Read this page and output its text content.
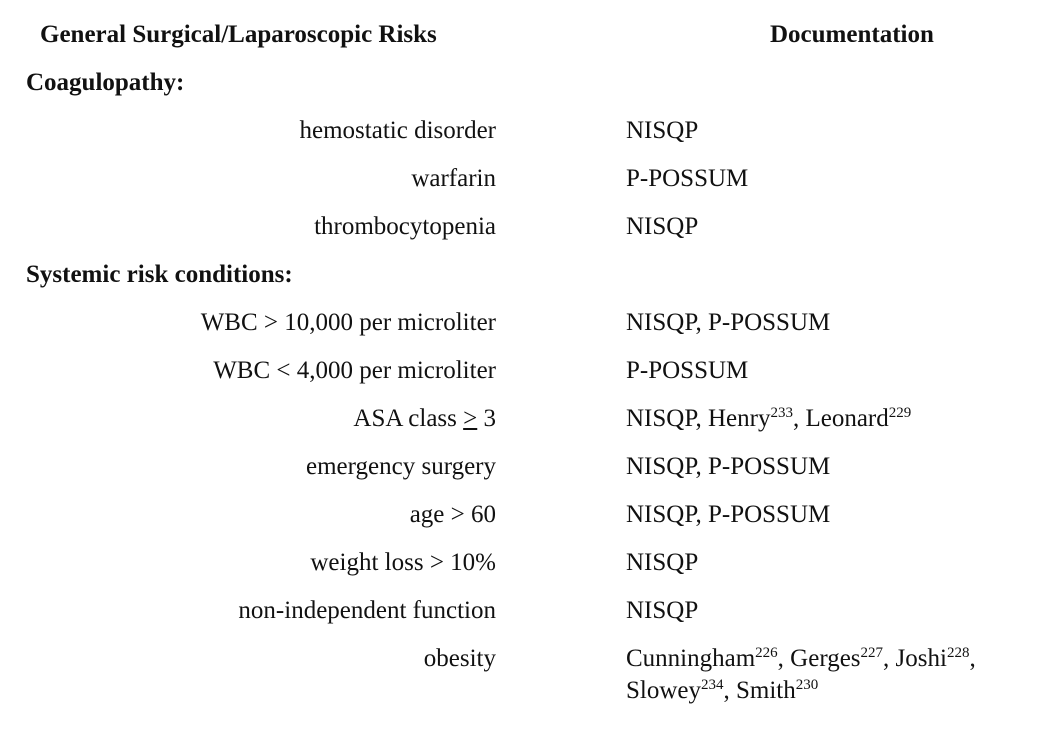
General Surgical/Laparoscopic Risks	Documentation
Coagulopathy:
hemostatic disorder	NISQP
warfarin	P-POSSUM
thrombocytopenia	NISQP
Systemic risk conditions:
WBC > 10,000 per microliter	NISQP, P-POSSUM
WBC < 4,000 per microliter	P-POSSUM
ASA class ≥ 3	NISQP, Henry$^{233}$, Leonard$^{229}$
emergency surgery	NISQP, P-POSSUM
age > 60	NISQP, P-POSSUM
weight loss > 10%	NISQP
non-independent function	NISQP
obesity	Cunningham$^{226}$, Gerges$^{227}$, Joshi$^{228}$,
Slowey$^{234}$, Smith$^{230}$
